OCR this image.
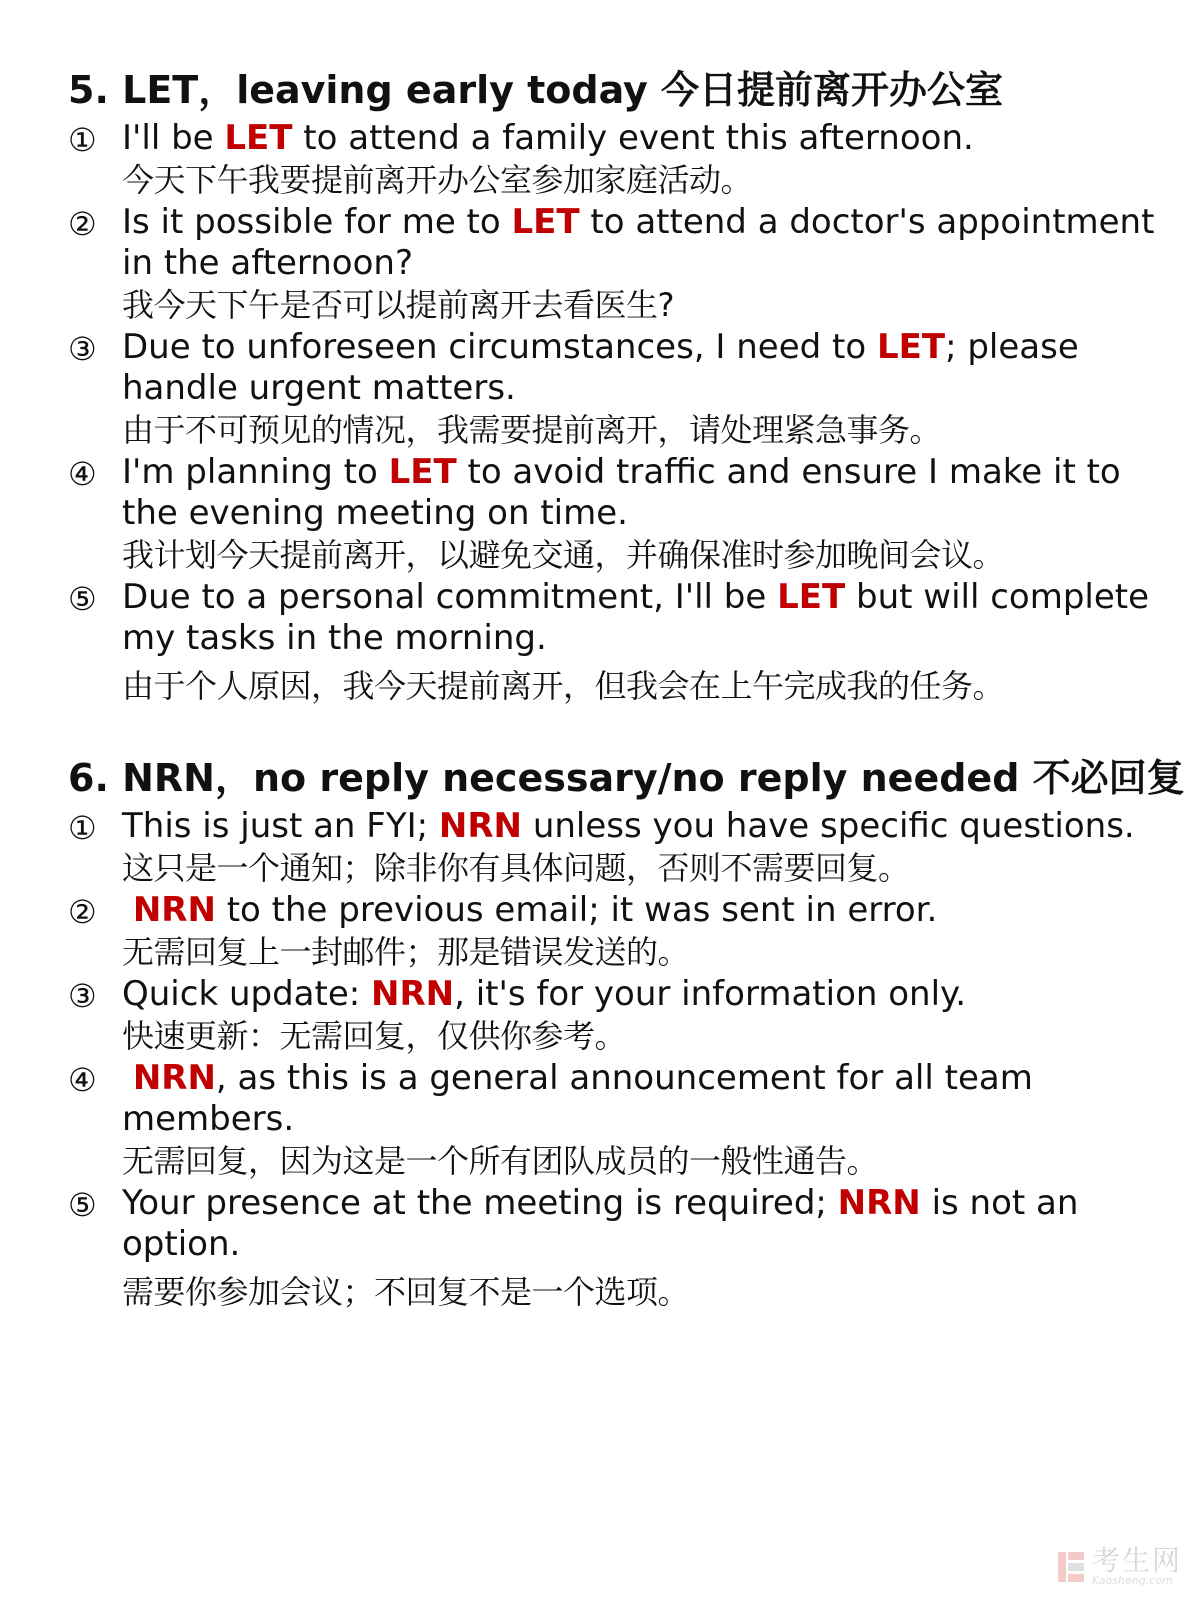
5. LET，leaving early today 今日提前离开办公室
① I'll be LET to attend a family event this afternoon.
今天下午我要提前离开办公室参加家庭活动。
② Is it possible for me to LET to attend a doctor's appointment in the afternoon?
我今天下午是否可以提前离开去看医生?
③ Due to unforeseen circumstances, I need to LET; please handle urgent matters.
由于不可预见的情况，我需要提前离开，请处理紧急事务。
④ I'm planning to LET to avoid traffic and ensure I make it to the evening meeting on time.
我计划今天提前离开，以避免交通，并确保准时参加晚间会议。
⑤ Due to a personal commitment, I'll be LET but will complete my tasks in the morning.
由于个人原因，我今天提前离开，但我会在上午完成我的任务。
6. NRN，no reply necessary/no reply needed 不必回复
① This is just an FYI; NRN unless you have specific questions.
这只是一个通知；除非你有具体问题，否则不需要回复。
②	NRN to the previous email; it was sent in error.
无需回复上一封邮件；那是错误发送的。
③ Quick update: NRN, it's for your information only.
快速更新：无需回复，仅供你参考。
④	NRN, as this is a general announcement for all team members.
无需回复，因为这是一个所有团队成员的一般性通告。
⑤ Your presence at the meeting is required; NRN is not an option.
需要你参加会议；不回复不是一个选项。
考生网
Kaosheng.com
